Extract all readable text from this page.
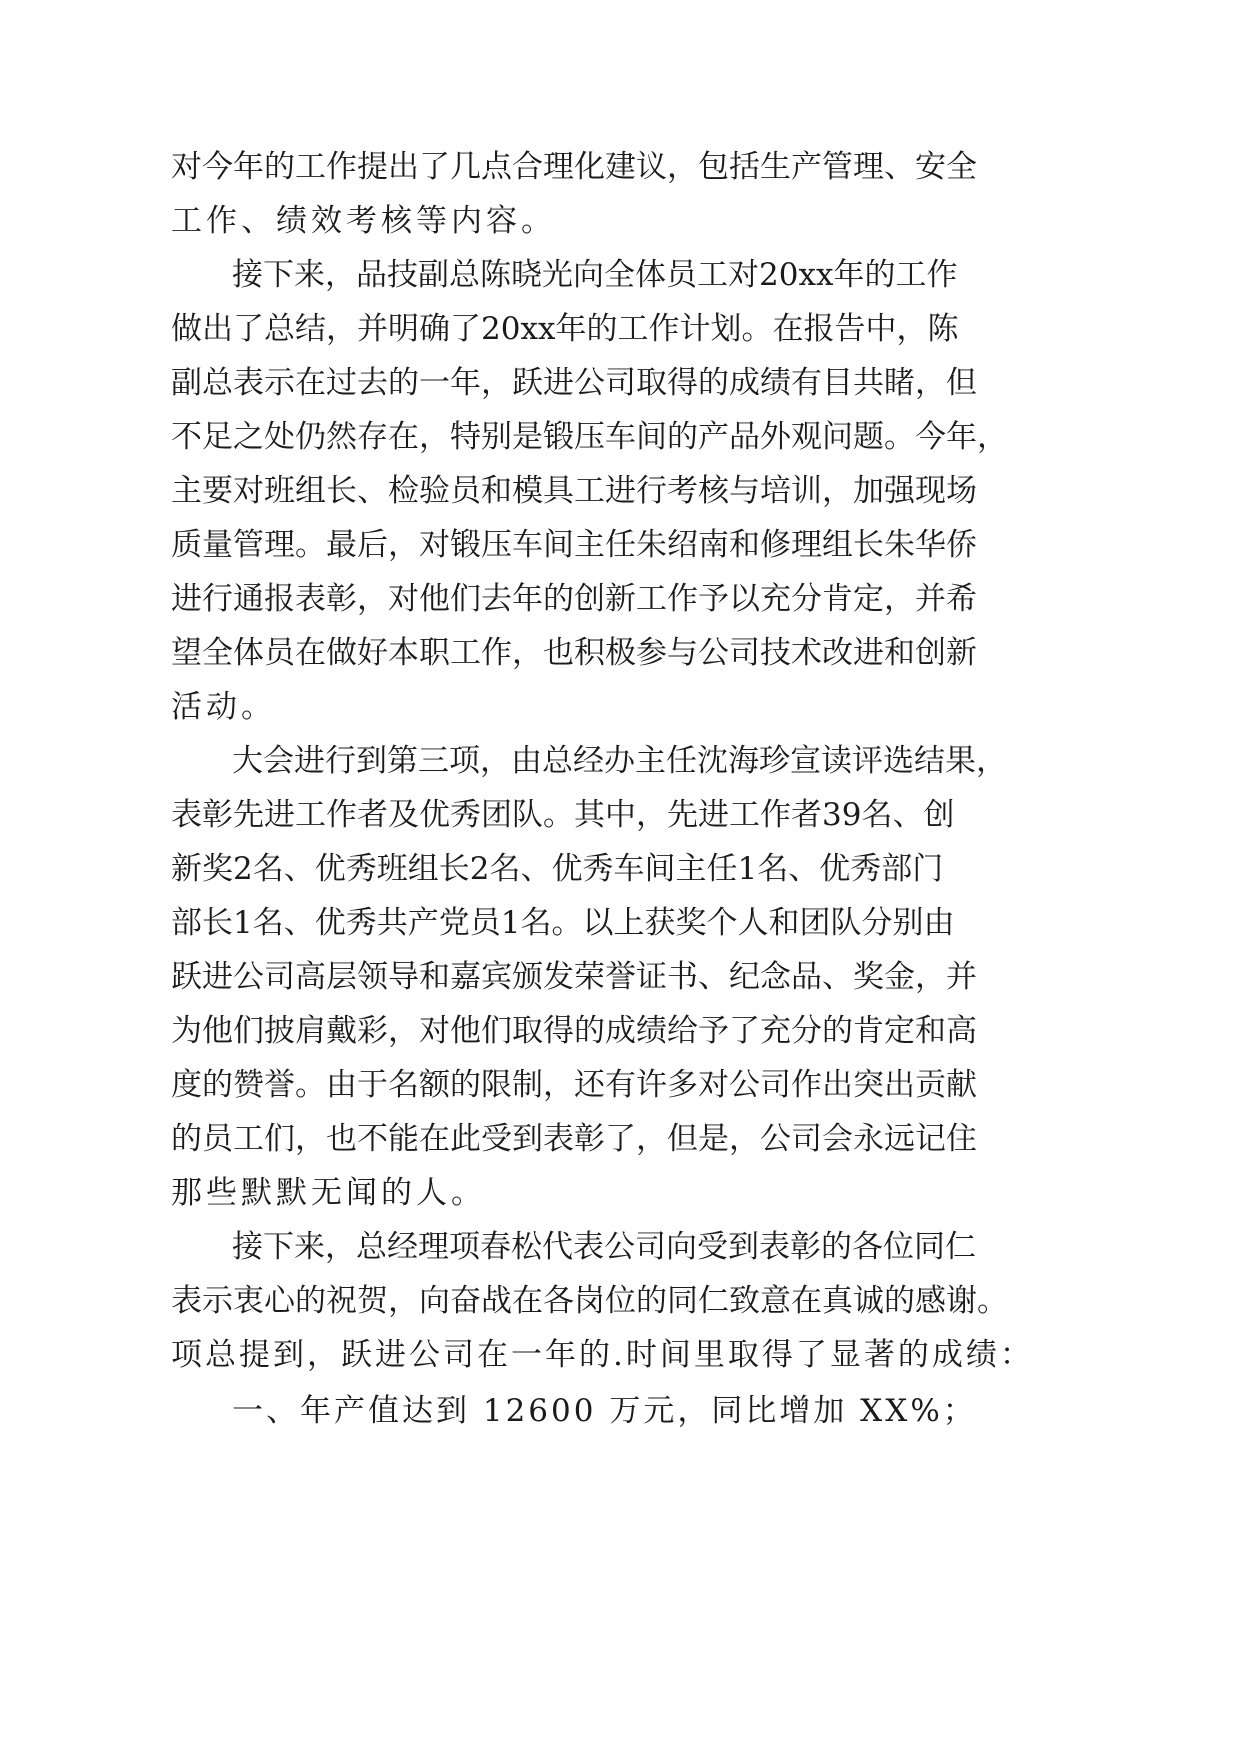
对 今 年 的 工 作 提 出 了 几 点 合 理 化 建 议 ， 包 括 生 产 管 理 、 安 全
工作、绩效考核等内容。
接 下 来 ， 品 技 副 总 陈 晓 光 向 全 体 员 工 对 2 0 x x 年 的 工 作
做 出 了 总 结 ， 并 明 确 了 2 0 x x 年 的 工 作 计 划 。 在 报 告 中 ， 陈
副 总 表 示 在 过 去 的 一 年 ， 跃 进 公 司 取 得 的 成 绩 有 目 共 睹 ， 但
不 足 之 处 仍 然 存 在 ， 特 别 是 锻 压 车 间 的 产 品 外 观 问 题 。 今 年 ，
主 要 对 班 组 长 、 检 验 员 和 模 具 工 进 行 考 核 与 培 训 ， 加 强 现 场
质 量 管 理 。 最 后 ， 对 锻 压 车 间 主 任 朱 绍 南 和 修 理 组 长 朱 华 侨
进 行 通 报 表 彰 ， 对 他 们 去 年 的 创 新 工 作 予 以 充 分 肯 定 ， 并 希
望 全 体 员 在 做 好 本 职 工 作 ， 也 积 极 参 与 公 司 技 术 改 进 和 创 新
活动。
大 会 进 行 到 第 三 项 ， 由 总 经 办 主 任 沈 海 珍 宣 读 评 选 结 果 ，
表 彰 先 进 工 作 者 及 优 秀 团 队 。 其 中 ， 先 进 工 作 者 3 9 名 、 创
新 奖 2 名 、 优 秀 班 组 长 2 名 、 优 秀 车 间 主 任 1 名 、 优 秀 部 门
部 长 1 名 、 优 秀 共 产 党 员 1 名 。 以 上 获 奖 个 人 和 团 队 分 别 由
跃 进 公 司 高 层 领 导 和 嘉 宾 颁 发 荣 誉 证 书 、 纪 念 品 、 奖 金 ， 并
为 他 们 披 肩 戴 彩 ， 对 他 们 取 得 的 成 绩 给 予 了 充 分 的 肯 定 和 高
度 的 赞 誉 。 由 于 名 额 的 限 制 ， 还 有 许 多 对 公 司 作 出 突 出 贡 献
的 员 工 们 ， 也 不 能 在 此 受 到 表 彰 了 ， 但 是 ， 公 司 会 永 远 记 住
那些默默无闻的人。
接 下 来 ， 总 经 理 项 春 松 代 表 公 司 向 受 到 表 彰 的 各 位 同 仁
表 示 衷 心 的 祝 贺 ， 向 奋 战 在 各 岗 位 的 同 仁 致 意 在 真 诚 的 感 谢 。
项总提到，跃进公司在一年的.时间里取得了显著的成绩：
一、年产值达到 12600 万元，同比增加 XX%；
